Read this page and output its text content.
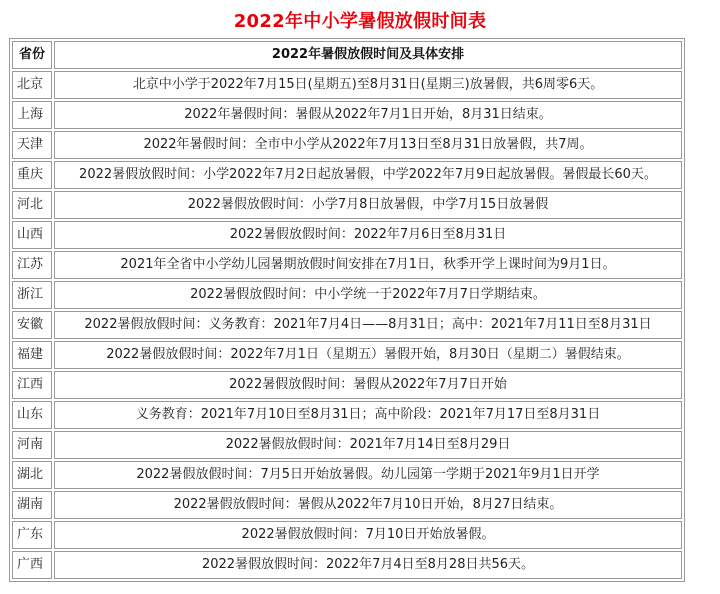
2022年中小学暑假放假时间表
省份	2022年暑假放假时间及具体安排
北京	北京中小学于2022年7月15日(星期五)至8月31日(星期三)放暑假，共6周零6天。
上海	2022年暑假时间：暑假从2022年7月1日开始，8月31日结束。
天津	2022年暑假时间：全市中小学从2022年7月13日至8月31日放暑假，共7周。
重庆	2022暑假放假时间：小学2022年7月2日起放暑假，中学2022年7月9日起放暑假。暑假最长60天。
河北	2022暑假放假时间：小学7月8日放暑假，中学7月15日放暑假
山西	2022暑假放假时间：2022年7月6日至8月31日
江苏	2021年全省中小学幼儿园暑期放假时间安排在7月1日，秋季开学上课时间为9月1日。
浙江	2022暑假放假时间：中小学统一于2022年7月7日学期结束。
安徽	2022暑假放假时间：义务教育：2021年7月4日——8月31日；高中：2021年7月11日至8月31日
福建	2022暑假放假时间：2022年7月1日（星期五）暑假开始，8月30日（星期二）暑假结束。
江西	2022暑假放假时间：暑假从2022年7月7日开始
山东	义务教育：2021年7月10日至8月31日；高中阶段：2021年7月17日至8月31日
河南	2022暑假放假时间：2021年7月14日至8月29日
湖北	2022暑假放假时间：7月5日开始放暑假。幼儿园第一学期于2021年9月1日开学
湖南	2022暑假放假时间：暑假从2022年7月10日开始，8月27日结束。
广东	2022暑假放假时间：7月10日开始放暑假。
广西	2022暑假放假时间：2022年7月4日至8月28日共56天。
